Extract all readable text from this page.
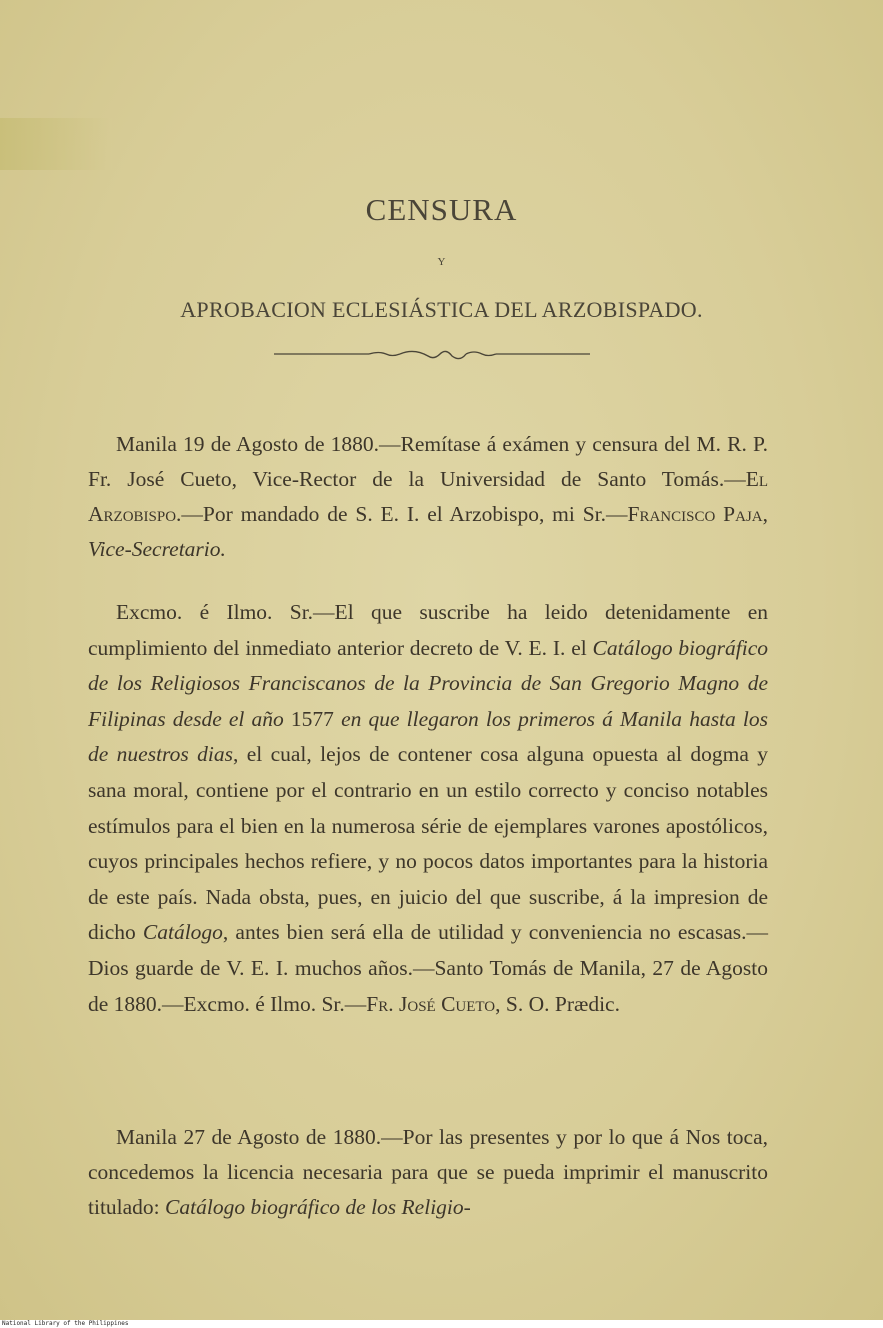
CENSURA
Y
APROBACION ECLESIÁSTICA DEL ARZOBISPADO.

Manila 19 de Agosto de 1880.—Remítase á exámen y censura del M. R. P. Fr. José Cueto, Vice-Rector de la Universidad de Santo Tomás.—El Arzobispo.—Por mandado de S. E. I. el Arzobispo, mi Sr.—Francisco Paja, Vice-Secretario.

Excmo. é Ilmo. Sr.—El que suscribe ha leido detenidamente en cumplimiento del inmediato anterior decreto de V. E. I. el Catálogo biográfico de los Religiosos Franciscanos de la Provincia de San Gregorio Magno de Filipinas desde el año 1577 en que llegaron los primeros á Manila hasta los de nuestros dias, el cual, lejos de contener cosa alguna opuesta al dogma y sana moral, contiene por el contrario en un estilo correcto y conciso notables estímulos para el bien en la numerosa série de ejemplares varones apostólicos, cuyos principales hechos refiere, y no pocos datos importantes para la historia de este país. Nada obsta, pues, en juicio del que suscribe, á la impresion de dicho Catálogo, antes bien será ella de utilidad y conveniencia no escasas.—Dios guarde de V. E. I. muchos años.—Santo Tomás de Manila, 27 de Agosto de 1880.—Excmo. é Ilmo. Sr.—Fr. José Cueto, S. O. Prædic.

Manila 27 de Agosto de 1880.—Por las presentes y por lo que á Nos toca, concedemos la licencia necesaria para que se pueda imprimir el manuscrito titulado: Catálogo biográfico de los Religio-

National Library of the Philippines
